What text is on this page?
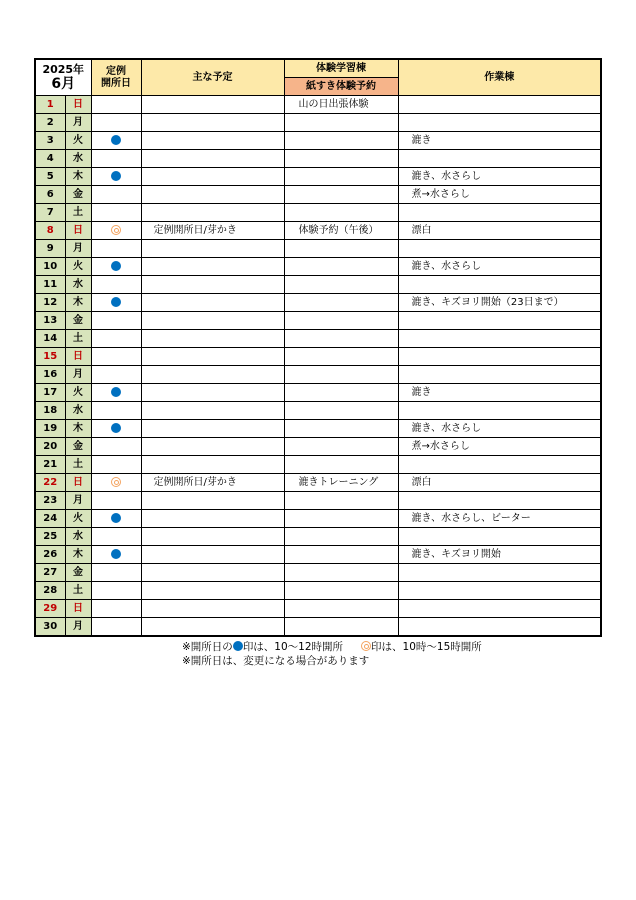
2025年
6月		定例
開所日	主な予定	体験学習棟	作業棟
				紙すき体験予約	
1	日			山の日出張体験	
2	月				
3	火				漉き
4	水				
5	木				漉き、水さらし
6	金				煮→水さらし
7	土				
8	日		定例開所日/芽かき	体験予約（午後）	漂白
9	月				
10	火				漉き、水さらし
11	水				
12	木				漉き、キズヨリ開始（23日まで）
13	金				
14	土				
15	日				
16	月				
17	火				漉き
18	水				
19	木				漉き、水さらし
20	金				煮→水さらし
21	土				
22	日		定例開所日/芽かき	漉きトレーニング	漂白
23	月				
24	火				漉き、水さらし、ビーター
25	水				
26	木				漉き、キズヨリ開始
27	金				
28	土				
29	日				
30	月				
※開所日の 印は、10～12時開所	印は、10時～15時開所
※開所日は、変更になる場合があります
